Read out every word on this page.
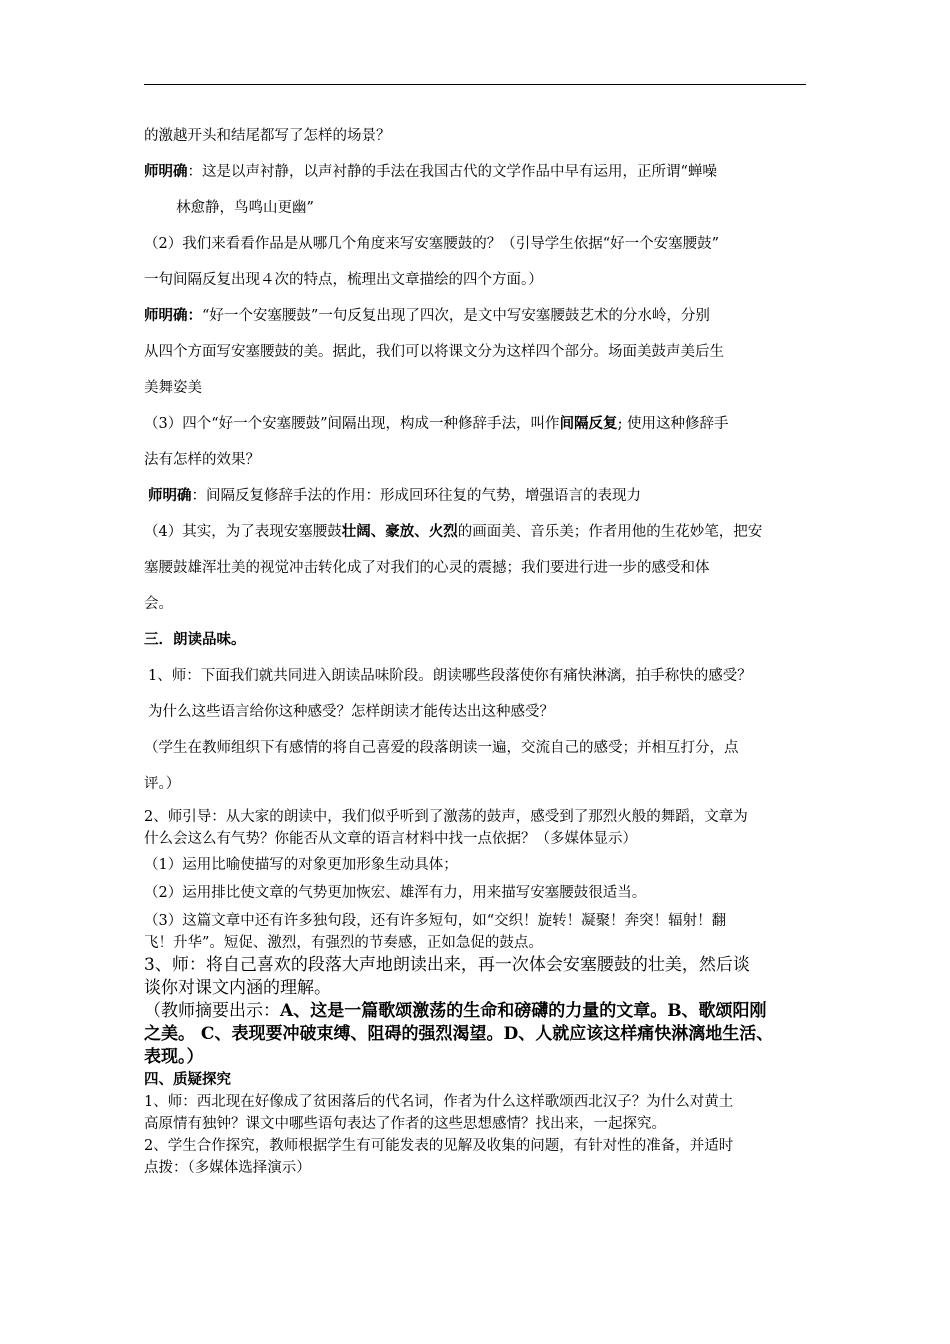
的激越开头和结尾都写了怎样的场景？

师明确：这是以声衬静，以声衬静的手法在我国古代的文学作品中早有运用，正所谓“蝉噪

林愈静，鸟鸣山更幽”

（2）我们来看看作品是从哪几个角度来写安塞腰鼓的？（引导学生依据“好一个安塞腰鼓”

一句间隔反复出现４次的特点，梳理出文章描绘的四个方面。）

师明确：“好一个安塞腰鼓”一句反复出现了四次，是文中写安塞腰鼓艺术的分水岭，分别

从四个方面写安塞腰鼓的美。据此，我们可以将课文分为这样四个部分。场面美鼓声美后生

美舞姿美

（3）四个“好一个安塞腰鼓”间隔出现，构成一种修辞手法，叫作间隔反复; 使用这种修辞手

法有怎样的效果？

师明确：间隔反复修辞手法的作用：形成回环往复的气势，增强语言的表现力

（4）其实，为了表现安塞腰鼓壮阔、豪放、火烈的画面美、音乐美；作者用他的生花妙笔，把安

塞腰鼓雄浑壮美的视觉冲击转化成了对我们的心灵的震撼；我们要进行进一步的感受和体

会。

三．朗读品味。

1、师：下面我们就共同进入朗读品味阶段。朗读哪些段落使你有痛快淋漓，拍手称快的感受？

为什么这些语言给你这种感受？怎样朗读才能传达出这种感受？

（学生在教师组织下有感情的将自己喜爱的段落朗读一遍，交流自己的感受；并相互打分，点

评。）

2、师引导：从大家的朗读中，我们似乎听到了激荡的鼓声，感受到了那烈火般的舞蹈，文章为

什么会这么有气势？你能否从文章的语言材料中找一点依据？（多媒体显示）

（1）运用比喻使描写的对象更加形象生动具体；

（2）运用排比使文章的气势更加恢宏、雄浑有力，用来描写安塞腰鼓很适当。

（3）这篇文章中还有许多独句段，还有许多短句，如“交织！旋转！凝聚！奔突！辐射！翻

飞！升华”。短促、激烈，有强烈的节奏感，正如急促的鼓点。

3、师：将自己喜欢的段落大声地朗读出来，再一次体会安塞腰鼓的壮美，然后谈

谈你对课文内涵的理解。

（教师摘要出示：A、这是一篇歌颂激荡的生命和磅礴的力量的文章。B、歌颂阳刚

之美。 C、表现要冲破束缚、阻碍的强烈渴望。D、人就应该这样痛快淋漓地生活、

表现。）

四、质疑探究

1、师：西北现在好像成了贫困落后的代名词，作者为什么这样歌颂西北汉子？为什么对黄土

高原情有独钟？课文中哪些语句表达了作者的这些思想感情？找出来，一起探究。

2、学生合作探究，教师根据学生有可能发表的见解及收集的问题，有针对性的准备，并适时

点拨：（多媒体选择演示）
